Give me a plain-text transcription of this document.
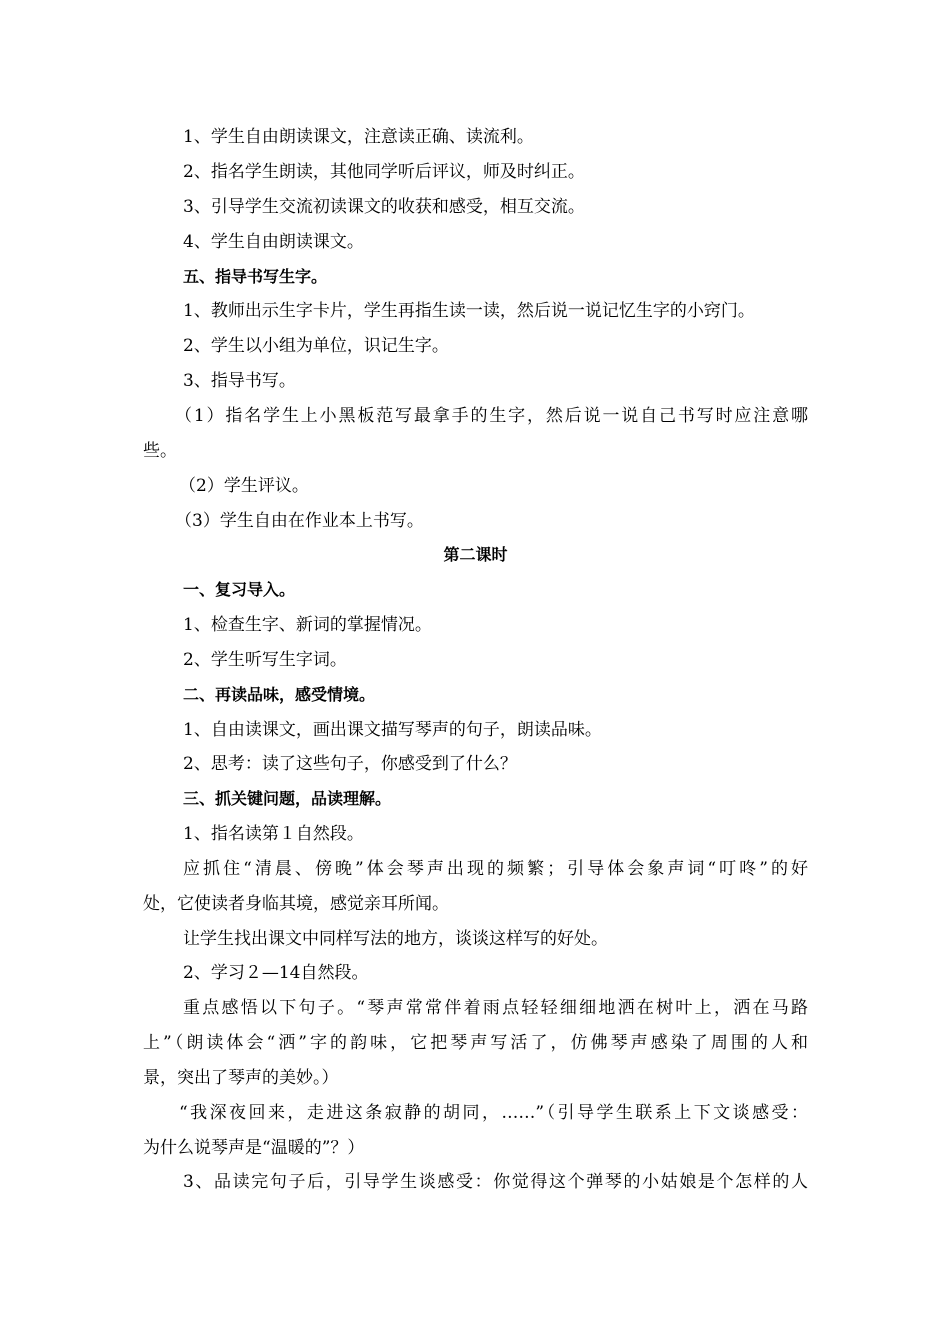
1、学生自由朗读课文，注意读正确、读流利。
2、指名学生朗读，其他同学听后评议，师及时纠正。
3、引导学生交流初读课文的收获和感受，相互交流。
4、学生自由朗读课文。
五、指导书写生字。
1、教师出示生字卡片，学生再指生读一读，然后说一说记忆生字的小窍门。
2、学生以小组为单位，识记生字。
3、指导书写。
（1）指名学生上小黑板范写最拿手的生字，然后说一说自己书写时应注意哪
些。
（2）学生评议。
（3）学生自由在作业本上书写。
第二课时
一、复习导入。
1、检查生字、新词的掌握情况。
2、学生听写生字词。
二、再读品味，感受情境。
1、自由读课文，画出课文描写琴声的句子，朗读品味。
2、思考：读了这些句子，你感受到了什么？
三、抓关键问题，品读理解。
1、指名读第１自然段。
应抓住“清晨、傍晚”体会琴声出现的频繁；引导体会象声词“叮咚”的好
处，它使读者身临其境，感觉亲耳所闻。
让学生找出课文中同样写法的地方，谈谈这样写的好处。
2、学习２—14自然段。
重点感悟以下句子。“琴声常常伴着雨点轻轻细细地洒在树叶上，洒在马路
上”（朗读体会“洒”字的韵味，它把琴声写活了，仿佛琴声感染了周围的人和
景，突出了琴声的美妙。）
“我深夜回来，走进这条寂静的胡同，……”（引导学生联系上下文谈感受：
为什么说琴声是“温暖的”？）
3、品读完句子后，引导学生谈感受：你觉得这个弹琴的小姑娘是个怎样的人
